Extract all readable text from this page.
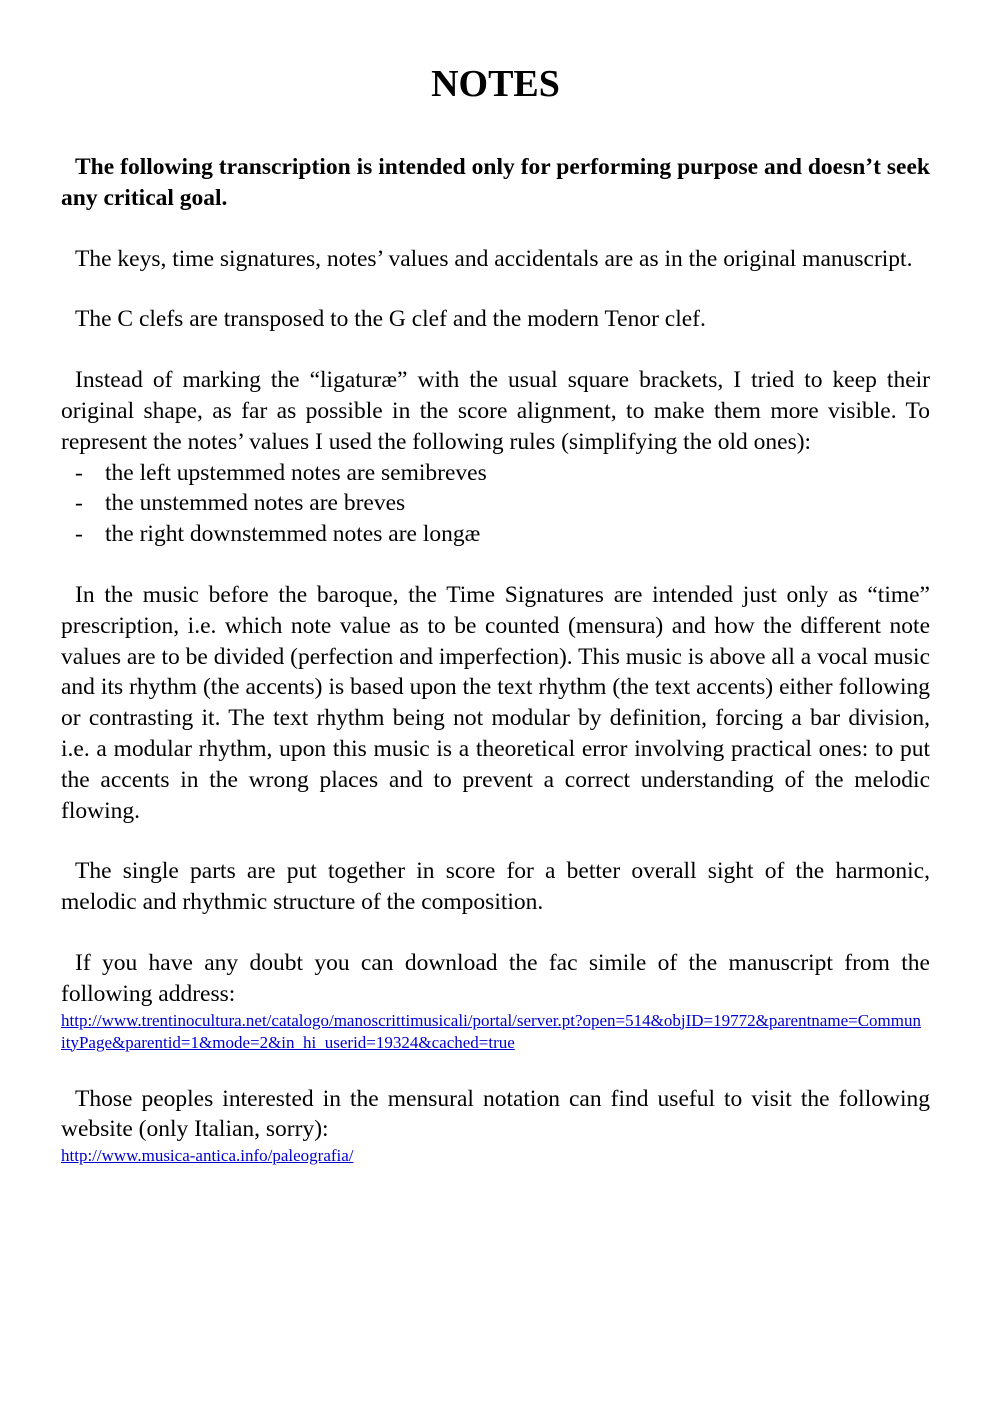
NOTES

The following transcription is intended only for performing purpose and doesn’t seek any critical goal.

The keys, time signatures, notes’ values and accidentals are as in the original manuscript.

The C clefs are transposed to the G clef and the modern Tenor clef.

Instead of marking the “ligaturæ” with the usual square brackets, I tried to keep their original shape, as far as possible in the score alignment, to make them more visible. To represent the notes’ values I used the following rules (simplifying the old ones):

- the left upstemmed notes are semibreves
- the unstemmed notes are breves
- the right downstemmed notes are longæ

In the music before the baroque, the Time Signatures are intended just only as “time” prescription, i.e. which note value as to be counted (mensura) and how the different note values are to be divided (perfection and imperfection). This music is above all a vocal music and its rhythm (the accents) is based upon the text rhythm (the text accents) either following or contrasting it. The text rhythm being not modular by definition, forcing a bar division, i.e. a modular rhythm, upon this music is a theoretical error involving practical ones: to put the accents in the wrong places and to prevent a correct understanding of the melodic flowing.

The single parts are put together in score for a better overall sight of the harmonic, melodic and rhythmic structure of the composition.

If you have any doubt you can download the fac simile of the manuscript from the following address:

http://www.trentinocultura.net/catalogo/manoscrittimusicali/portal/server.pt?open=514&objID=19772&parentname=CommunityPage&parentid=1&mode=2&in_hi_userid=19324&cached=true

Those peoples interested in the mensural notation can find useful to visit the following website (only Italian, sorry):

http://www.musica-antica.info/paleografia/
